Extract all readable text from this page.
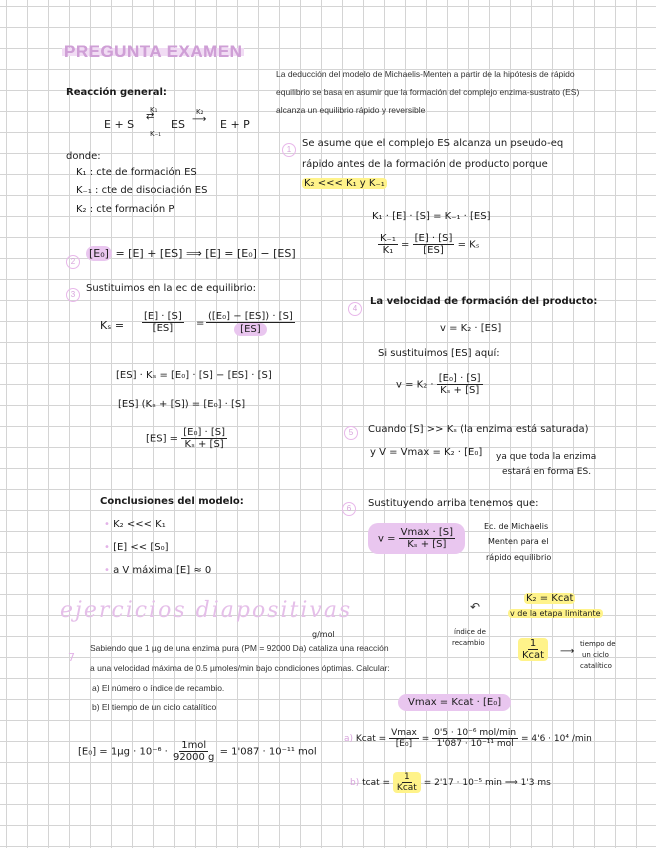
PREGUNTA EXAMEN
La deducción del modelo de Michaelis-Menten a partir de la hipótesis de rápido
equilibrio se basa en asumir que la formación del complejo enzima-sustrato (ES)
alcanza un equilibrio rápido y reversible
Reacción general:
E + S
K₁
⇄
K₋₁
ES
K₂
⟶ E + P
donde:
K₁ : cte de formación ES
K₋₁ : cte de disociación ES
K₂ : cte formación P
1
Se asume que el complejo ES alcanza un pseudo-eq
rápido antes de la formación de producto porque
K₂ <<< K₁ y K₋₁
K₁ · [E] · [S] = K₋₁ · [ES]
$\frac{\text{K₋₁}}{\text{K₁}} = \frac{[E] \cdot [S]}{[ES]} = K_s$
2
[E₀] = [E] + [ES] ⟹ [E] = [E₀] − [ES]
3
Sustituimos en la ec de equilibrio:
$K_s = \frac{[E] \cdot [S]}{[ES]} = \frac{\text{([E₀] − [ES]) · [S]}}{[ES]}$
[ES] · Kₛ = [E₀] · [S] − [ES] · [S]
[ES] (Kₛ + [S]) = [E₀] · [S]
$[ES] = \frac{\text{[E₀] · [S]}}{\text{Kₛ + [S]}}$
4
La velocidad de formación del producto:
v = K₂ · [ES]
Si sustituimos [ES] aquí:
$v = K_2 \cdot \frac{\text{[E₀] · [S]}}{\text{Kₛ + [S]}}$
5	Cuando [S] >> Kₛ (la enzima está saturada)
y V = Vmax = K₂ · [E₀] ya que toda la enzima
estará en forma ES.
Conclusiones del modelo:
• K₂ <<< K₁
• [E] << [S₀]
• a V máxima [E] ≈ 0
6	Sustituyendo arriba tenemos que:
$v = \frac{Vmax \cdot [S]}{\text{Kₛ + [S]}}$
Ec. de Michaelis
Menten para el
rápido equilibrio
ejercicios diapositivas	K₂ = Kcat
v de la etapa limitante
↶
índice de
recambio	$\frac{1}{\text{Kcat}}$ ⟶
tiempo de
un ciclo
catalítico
g/mol
7
Sabiendo que 1 µg de una enzima pura (PM = 92000 Da) cataliza una reacción
a una velocidad máxima de 0.5 µmoles/min bajo condiciones óptimas. Calcular:
a) El número o índice de recambio.
b) El tiempo de un ciclo catalítico	Vmax = Kcat · [E₀]
$[E_0] = 1\mu g \cdot 10^{-6} \cdot \frac{\text{1mol}}{92000 g} = 1'087 \cdot 10^{-11}$ mol
a) Kcat = $\frac{Vmax}{\text{[E₀]}} = \frac{\text{0'5 · 10⁻⁶ mol/min}}{\text{1'087 · 10⁻¹¹ mol}} = 4'6 \cdot 10^4$ /min
b) tcat = $\frac{1}{\text{Kcat}} = 2'17 \cdot 10^{-5}$ min ⟹ 1'3 ms
